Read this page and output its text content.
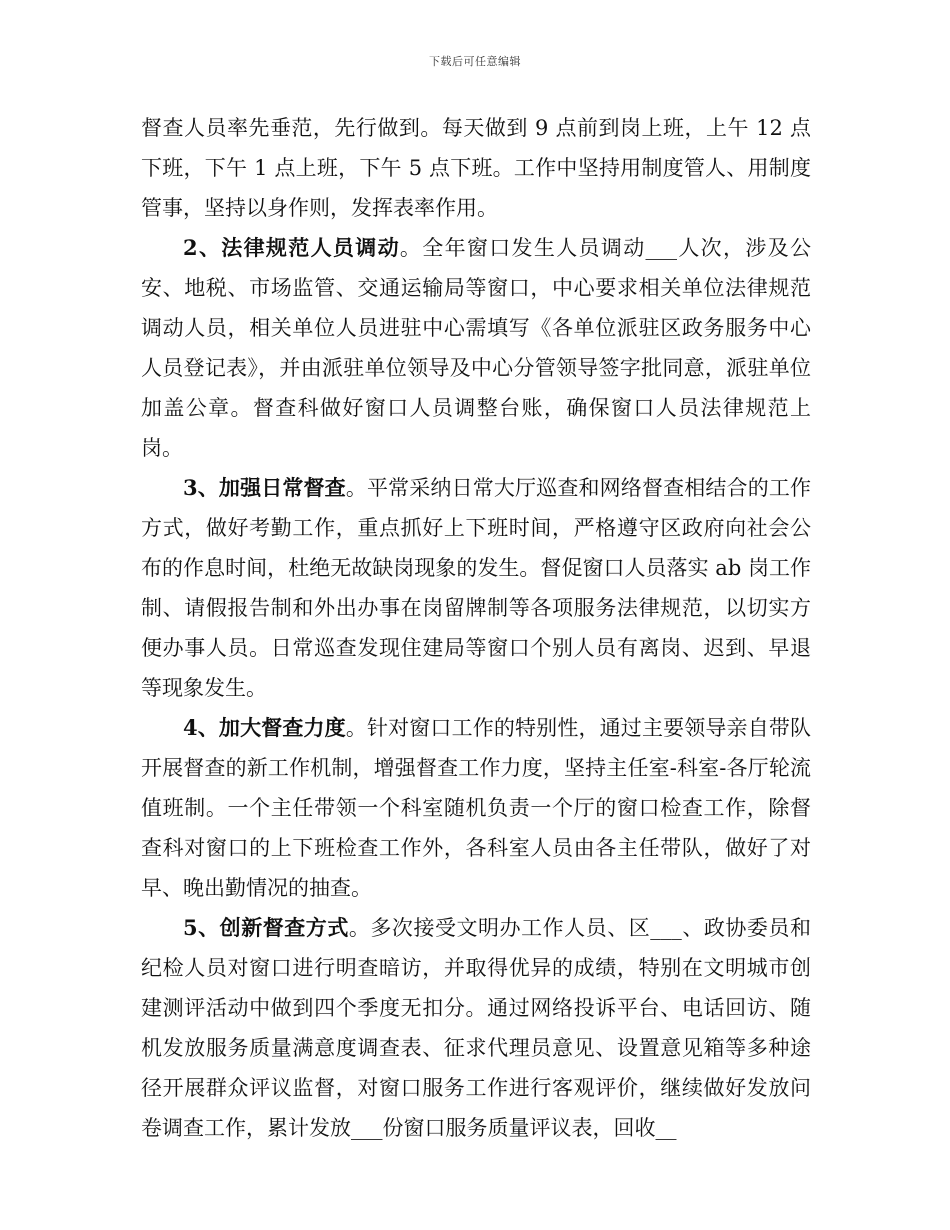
下载后可任意编辑

督查人员率先垂范，先行做到。每天做到 9 点前到岗上班，上午 12 点下班，下午 1 点上班，下午 5 点下班。工作中坚持用制度管人、用制度管事，坚持以身作则，发挥表率作用。

2、法律规范人员调动。全年窗口发生人员调动___人次，涉及公安、地税、市场监管、交通运输局等窗口，中心要求相关单位法律规范调动人员，相关单位人员进驻中心需填写《各单位派驻区政务服务中心人员登记表》，并由派驻单位领导及中心分管领导签字批同意，派驻单位加盖公章。督查科做好窗口人员调整台账，确保窗口人员法律规范上岗。

3、加强日常督查。平常采纳日常大厅巡查和网络督查相结合的工作方式，做好考勤工作，重点抓好上下班时间，严格遵守区政府向社会公布的作息时间，杜绝无故缺岗现象的发生。督促窗口人员落实 ab 岗工作制、请假报告制和外出办事在岗留牌制等各项服务法律规范，以切实方便办事人员。日常巡查发现住建局等窗口个别人员有离岗、迟到、早退等现象发生。

4、加大督查力度。针对窗口工作的特别性，通过主要领导亲自带队开展督查的新工作机制，增强督查工作力度，坚持主任室-科室-各厅轮流值班制。一个主任带领一个科室随机负责一个厅的窗口检查工作，除督查科对窗口的上下班检查工作外，各科室人员由各主任带队，做好了对早、晚出勤情况的抽查。

5、创新督查方式。多次接受文明办工作人员、区___、政协委员和纪检人员对窗口进行明查暗访，并取得优异的成绩，特别在文明城市创建测评活动中做到四个季度无扣分。通过网络投诉平台、电话回访、随机发放服务质量满意度调查表、征求代理员意见、设置意见箱等多种途径开展群众评议监督，对窗口服务工作进行客观评价，继续做好发放问卷调查工作，累计发放___份窗口服务质量评议表，回收__
